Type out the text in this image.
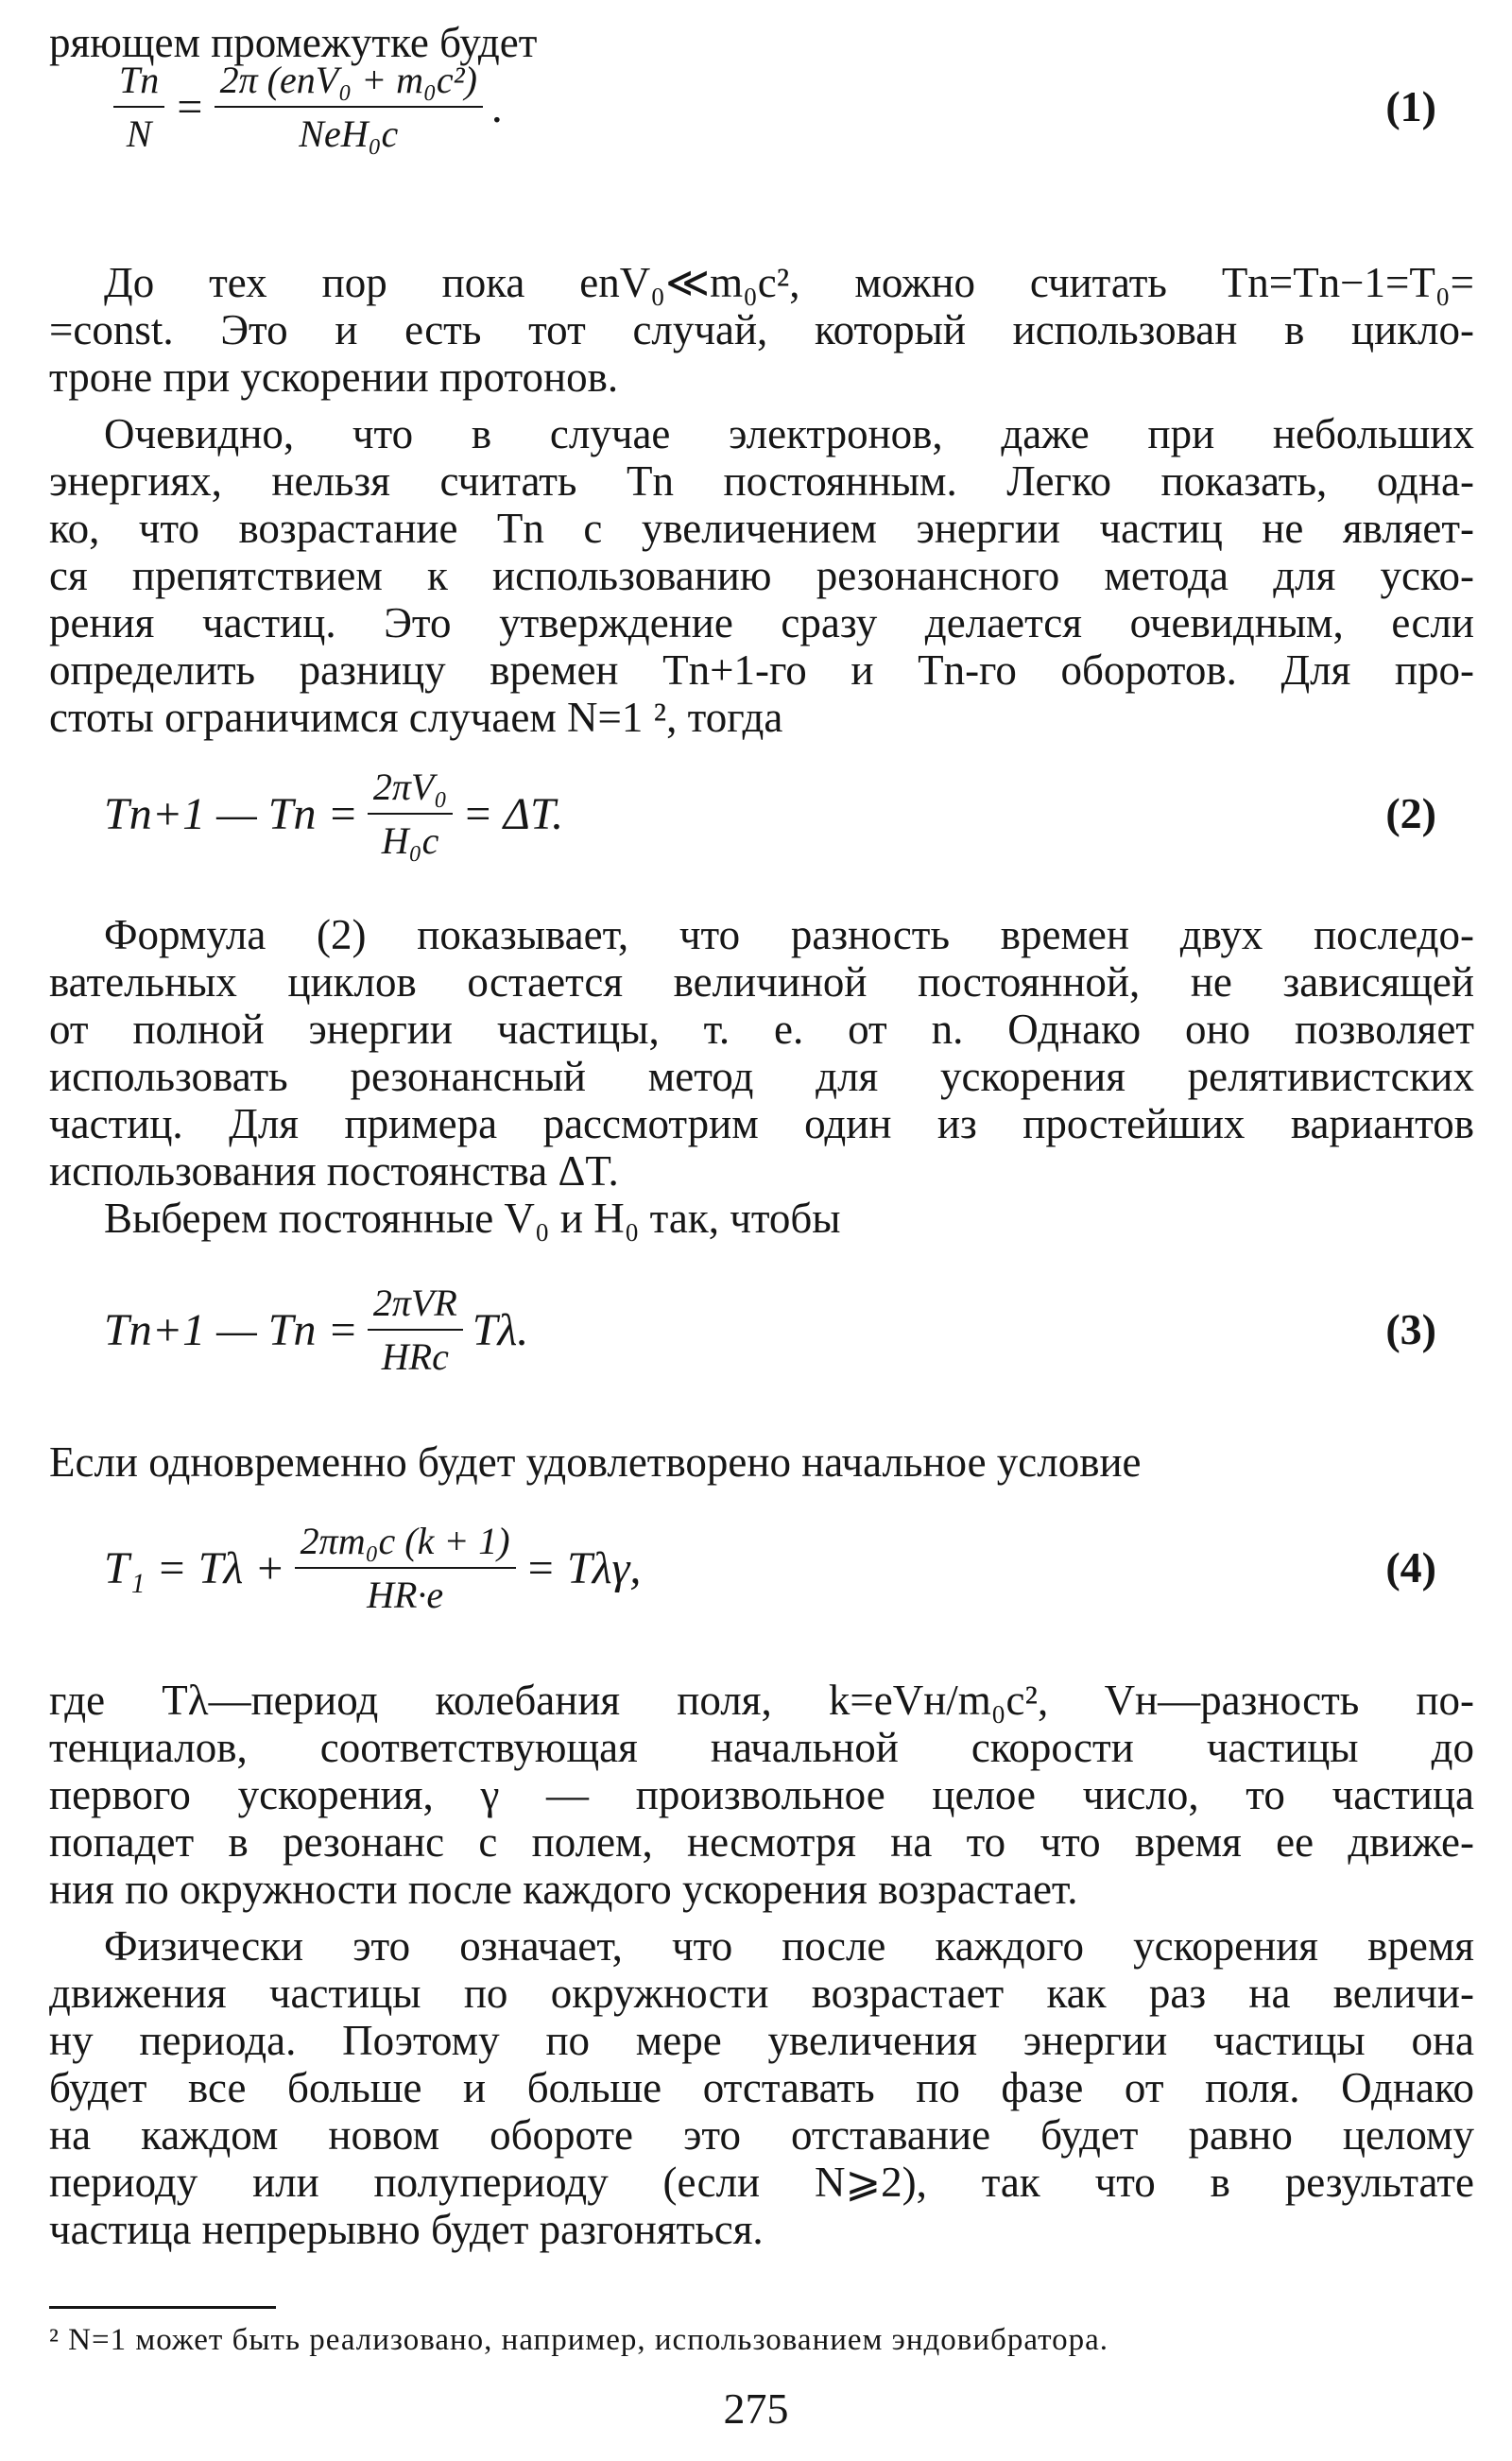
ряющем промежутке будет
$\frac{Tn}{N} = \frac{\text{2π (enV₀ + m₀c²)}}{\text{NeH₀c}}$ .	(1)
До тех пор пока enV₀≪m₀c², можно считать Tn=Tn−1=T₀=
=const. Это и есть тот случай, который использован в цикло-
троне при ускорении протонов.
Очевидно, что в случае электронов, даже при небольших
энергиях, нельзя считать Tn постоянным. Легко показать, одна-
ко, что возрастание Tn с увеличением энергии частиц не являет-
ся препятствием к использованию резонансного метода для уско-
рения частиц. Это утверждение сразу делается очевидным, если
определить разницу времен Tn+1-го и Tn-го оборотов. Для про-
стоты ограничимся случаем N=1 ², тогда
Tn+1 — $Tn = \frac{\text{2πV₀}}{\text{H₀c}} = \Delta T$.	(2)
Формула (2) показывает, что разность времен двух последо-
вательных циклов остается величиной постоянной, не зависящей
от полной энергии частицы, т. е. от n. Однако оно позволяет
использовать резонансный метод для ускорения релятивистских
частиц. Для примера рассмотрим один из простейших вариантов
использования постоянства ΔT.
Выберем постоянные V₀ и H₀ так, чтобы
Tn+1 — $Tn = \frac{\text{2πVR}}{\text{HRc}} T\lambda$.	(3)
Если одновременно будет удовлетворено начальное условие
$T_1 = T\lambda + \frac{\text{2πm₀c (k + 1)}}{HR\cdot e} = T\lambda\gamma$,	(4)
где Tλ—период колебания поля, k=eVн/m₀c², Vн—разность по-
тенциалов, соответствующая начальной скорости частицы до
первого ускорения, γ — произвольное целое число, то частица
попадет в резонанс с полем, несмотря на то что время ее движе-
ния по окружности после каждого ускорения возрастает.
Физически это означает, что после каждого ускорения время
движения частицы по окружности возрастает как раз на величи-
ну периода. Поэтому по мере увеличения энергии частицы она
будет все больше и больше отставать по фазе от поля. Однако
на каждом новом обороте это отставание будет равно целому
периоду или полупериоду (если N⩾2), так что в результате
частица непрерывно будет разгоняться.
² N=1 может быть реализовано, например, использованием эндовибратора.
275
